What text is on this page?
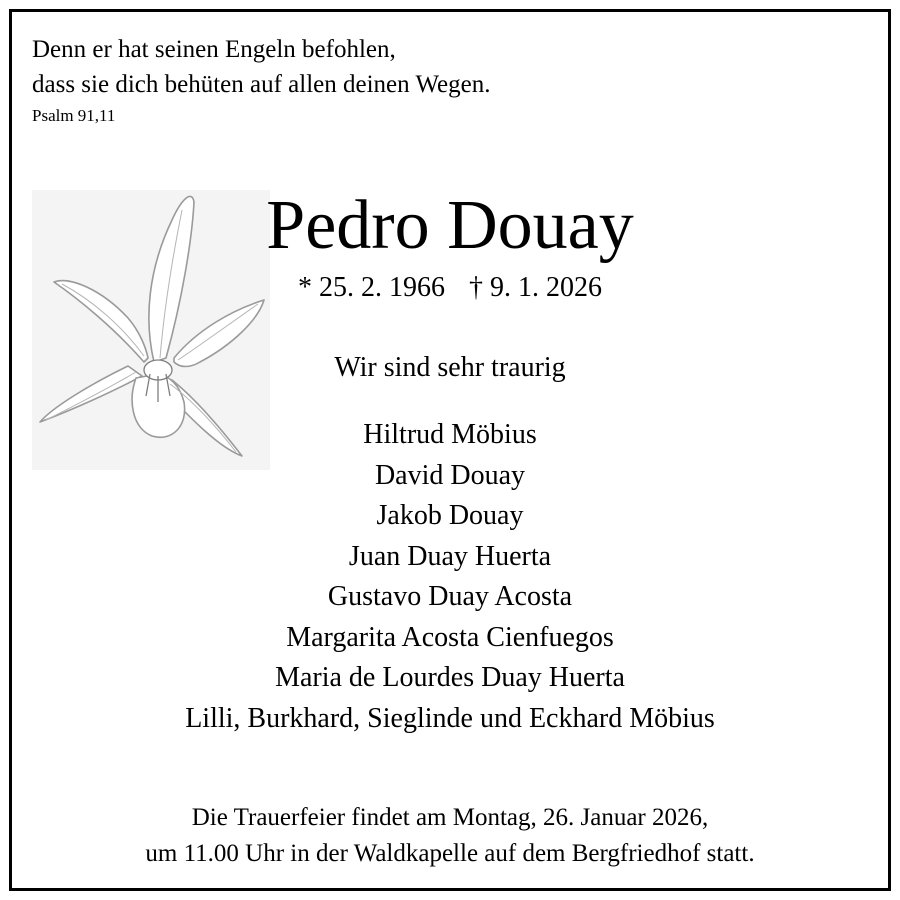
Denn er hat seinen Engeln befohlen,
dass sie dich behüten auf allen deinen Wegen.
Psalm 91,11
Pedro Douay
* 25. 2. 1966 † 9. 1. 2026
Wir sind sehr traurig
Hiltrud Möbius
David Douay
Jakob Douay
Juan Duay Huerta
Gustavo Duay Acosta
Margarita Acosta Cienfuegos
Maria de Lourdes Duay Huerta
Lilli, Burkhard, Sieglinde und Eckhard Möbius
Die Trauerfeier findet am Montag, 26. Januar 2026,
um 11.00 Uhr in der Waldkapelle auf dem Bergfriedhof statt.
